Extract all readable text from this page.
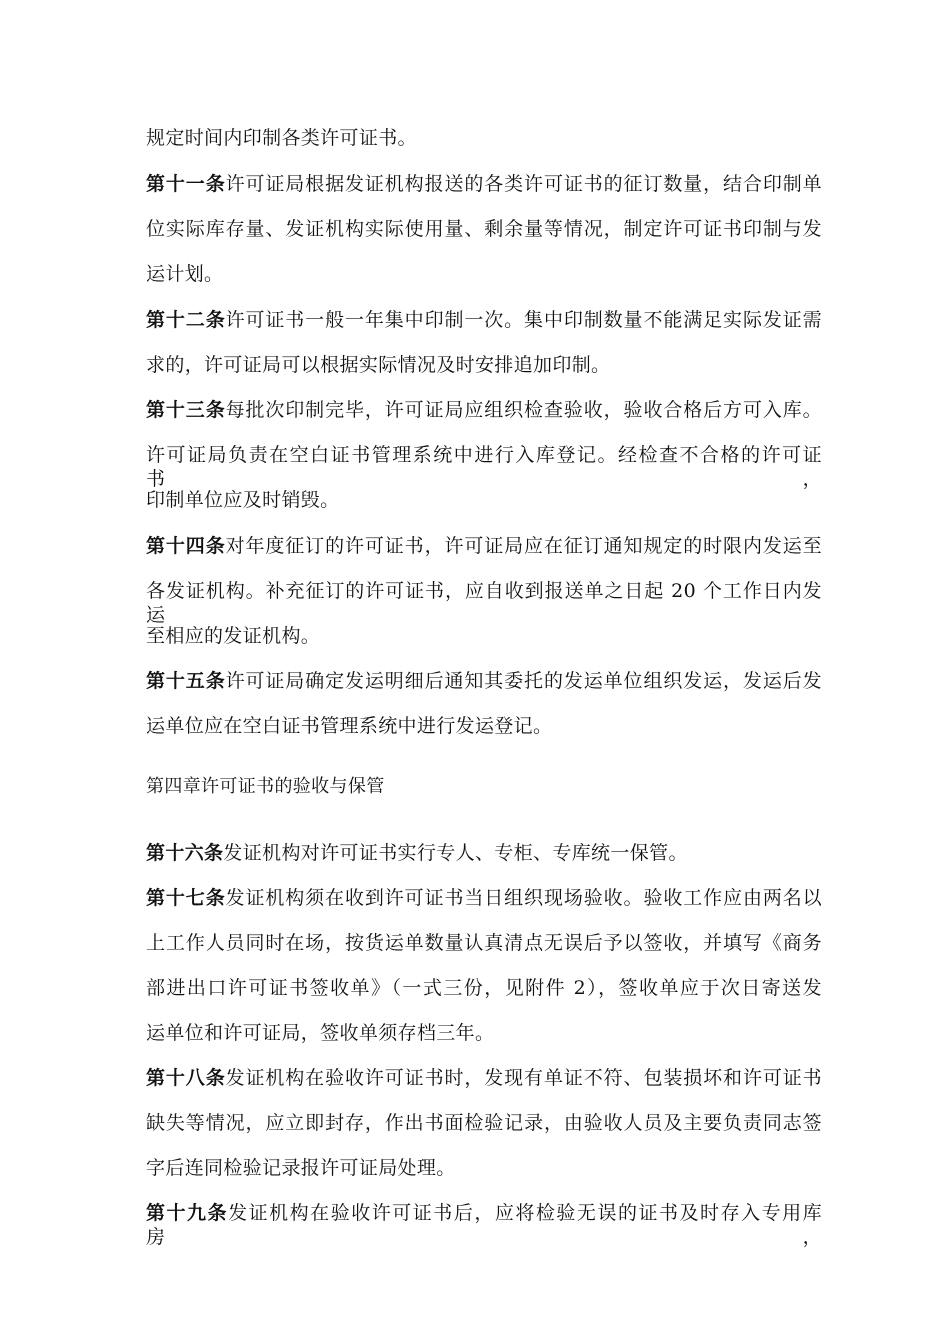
规定时间内印制各类许可证书。
第十一条许可证局根据发证机构报送的各类许可证书的征订数量，结合印制单
位实际库存量、发证机构实际使用量、剩余量等情况，制定许可证书印制与发
运计划。
第十二条许可证书一般一年集中印制一次。集中印制数量不能满足实际发证需
求的，许可证局可以根据实际情况及时安排追加印制。
第十三条每批次印制完毕，许可证局应组织检查验收，验收合格后方可入库。
许可证局负责在空白证书管理系统中进行入库登记。经检查不合格的许可证书，
印制单位应及时销毁。
第十四条对年度征订的许可证书，许可证局应在征订通知规定的时限内发运至
各发证机构。补充征订的许可证书，应自收到报送单之日起 20 个工作日内发运
至相应的发证机构。
第十五条许可证局确定发运明细后通知其委托的发运单位组织发运，发运后发
运单位应在空白证书管理系统中进行发运登记。
第四章许可证书的验收与保管
第十六条发证机构对许可证书实行专人、专柜、专库统一保管。
第十七条发证机构须在收到许可证书当日组织现场验收。验收工作应由两名以
上工作人员同时在场，按货运单数量认真清点无误后予以签收，并填写《商务
部进出口许可证书签收单》（一式三份，见附件 2），签收单应于次日寄送发
运单位和许可证局，签收单须存档三年。
第十八条发证机构在验收许可证书时，发现有单证不符、包装损坏和许可证书
缺失等情况，应立即封存，作出书面检验记录，由验收人员及主要负责同志签
字后连同检验记录报许可证局处理。
第十九条发证机构在验收许可证书后，应将检验无误的证书及时存入专用库房，
